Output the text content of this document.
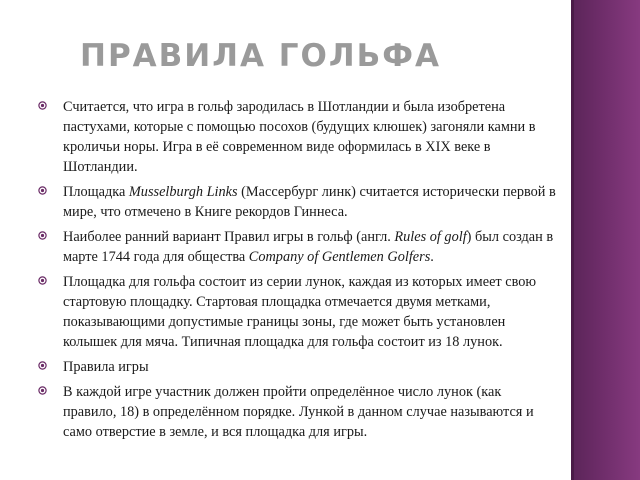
ПРАВИЛА ГОЛЬФА
Считается, что игра в гольф зародилась в Шотландии и была изобретена пастухами, которые с помощью посохов (будущих клюшек) загоняли камни в кроличьи норы. Игра в её современном виде оформилась в XIX веке в Шотландии.
Площадка Musselburgh Links (Массербург линк) считается исторически первой в мире, что отмечено в Книге рекордов Гиннеса.
Наиболее ранний вариант Правил игры в гольф (англ. Rules of golf) был создан в марте 1744 года для общества Company of Gentlemen Golfers.
Площадка для гольфа состоит из серии лунок, каждая из которых имеет свою стартовую площадку. Стартовая площадка отмечается двумя метками, показывающими допустимые границы зоны, где может быть установлен колышек для мяча. Типичная площадка для гольфа состоит из 18 лунок.
Правила игры
В каждой игре участник должен пройти определённое число лунок (как правило, 18) в определённом порядке. Лункой в данном случае называются и само отверстие в земле, и вся площадка для игры.
